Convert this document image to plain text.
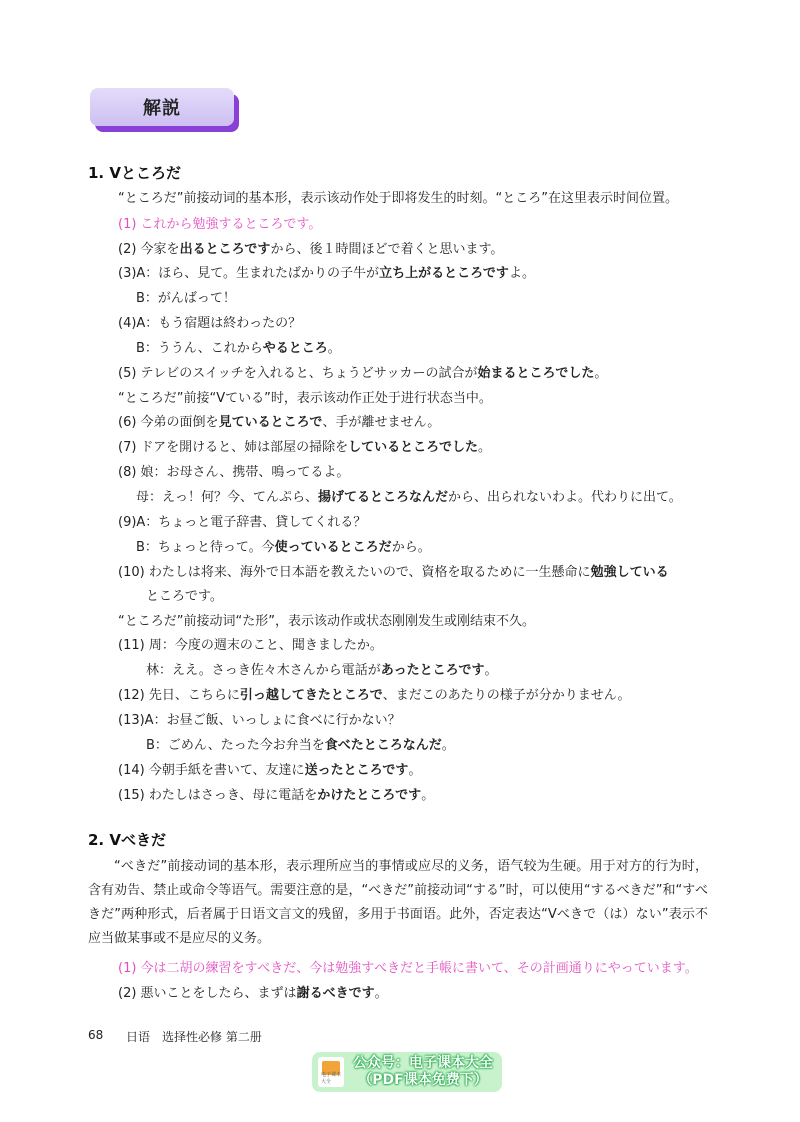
解説
1. Vところだ
“ところだ”前接动词的基本形，表示该动作处于即将发生的时刻。“ところ”在这里表示时间位置。
(1) これから勉強するところです。
(2) 今家を出るところですから、後１時間ほどで着くと思います。
(3)A：ほら、見て。生まれたばかりの子牛が立ち上がるところですよ。
B：がんばって！
(4)A：もう宿題は終わったの？
B：ううん、これからやるところ。
(5) テレビのスイッチを入れると、ちょうどサッカーの試合が始まるところでした。
“ところだ”前接“Vている”时，表示该动作正处于进行状态当中。
(6) 今弟の面倒を見ているところで、手が離せません。
(7) ドアを開けると、姉は部屋の掃除をしているところでした。
(8) 娘：お母さん、携帯、鳴ってるよ。
母：えっ！何？今、てんぷら、揚げてるところなんだから、出られないわよ。代わりに出て。
(9)A：ちょっと電子辞書、貸してくれる？
B：ちょっと待って。今使っているところだから。
(10) わたしは将来、海外で日本語を教えたいので、資格を取るために一生懸命に勉強している
ところです。
“ところだ”前接动词“た形”，表示该动作或状态刚刚发生或刚结束不久。
(11) 周：今度の週末のこと、聞きましたか。
林：ええ。さっき佐々木さんから電話があったところです。
(12) 先日、こちらに引っ越してきたところで、まだこのあたりの様子が分かりません。
(13)A：お昼ご飯、いっしょに食べに行かない？
B：ごめん、たった今お弁当を食べたところなんだ。
(14) 今朝手紙を書いて、友達に送ったところです。
(15) わたしはさっき、母に電話をかけたところです。
2. Vべきだ
“べきだ”前接动词的基本形，表示理所应当的事情或应尽的义务，语气较为生硬。用于对方的行为时，含有劝告、禁止或命令等语气。需要注意的是，“べきだ”前接动词“する”时，可以使用“するべきだ”和“すべきだ”两种形式，后者属于日语文言文的残留，多用于书面语。此外，否定表达“Vべきで（は）ない”表示不应当做某事或不是应尽的义务。
(1) 今は二胡の練習をすべきだ、今は勉強すべきだと手帳に書いて、その計画通りにやっています。
(2) 悪いことをしたら、まずは謝るべきです。
68 日语　选择性必修 第二册
电子课本大全
公众号：电子课本大全
（PDF课本免费下）
